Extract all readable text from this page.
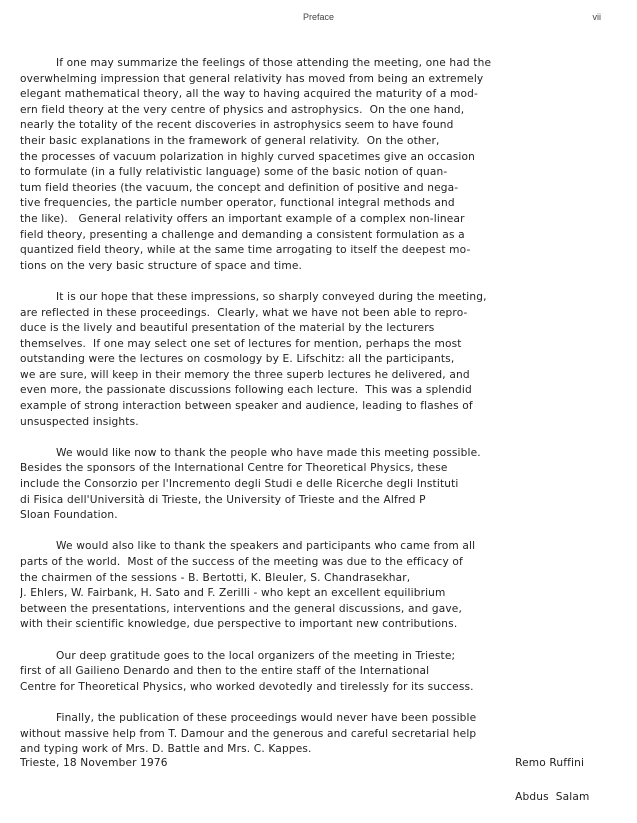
Preface	vii
If one may summarize the feelings of those attending the meeting, one had the
overwhelming impression that general relativity has moved from being an extremely
elegant mathematical theory, all the way to having acquired the maturity of a mod-
ern field theory at the very centre of physics and astrophysics.  On the one hand,
nearly the totality of the recent discoveries in astrophysics seem to have found
their basic explanations in the framework of general relativity.  On the other,
the processes of vacuum polarization in highly curved spacetimes give an occasion
to formulate (in a fully relativistic language) some of the basic notion of quan-
tum field theories (the vacuum, the concept and definition of positive and nega-
tive frequencies, the particle number operator, functional integral methods and
the like).   General relativity offers an important example of a complex non-linear
field theory, presenting a challenge and demanding a consistent formulation as a
quantized field theory, while at the same time arrogating to itself the deepest mo-
tions on the very basic structure of space and time.
It is our hope that these impressions, so sharply conveyed during the meeting,
are reflected in these proceedings.  Clearly, what we have not been able to repro-
duce is the lively and beautiful presentation of the material by the lecturers
themselves.  If one may select one set of lectures for mention, perhaps the most
outstanding were the lectures on cosmology by E. Lifschitz: all the participants,
we are sure, will keep in their memory the three superb lectures he delivered, and
even more, the passionate discussions following each lecture.  This was a splendid
example of strong interaction between speaker and audience, leading to flashes of
unsuspected insights.
We would like now to thank the people who have made this meeting possible.
Besides the sponsors of the International Centre for Theoretical Physics, these
include the Consorzio per l'Incremento degli Studi e delle Ricerche degli Instituti
di Fisica dell'Università di Trieste, the University of Trieste and the Alfred P
Sloan Foundation.
We would also like to thank the speakers and participants who came from all
parts of the world.  Most of the success of the meeting was due to the efficacy of
the chairmen of the sessions - B. Bertotti, K. Bleuler, S. Chandrasekhar,
J. Ehlers, W. Fairbank, H. Sato and F. Zerilli - who kept an excellent equilibrium
between the presentations, interventions and the general discussions, and gave,
with their scientific knowledge, due perspective to important new contributions.
Our deep gratitude goes to the local organizers of the meeting in Trieste;
first of all Gailieno Denardo and then to the entire staff of the International
Centre for Theoretical Physics, who worked devotedly and tirelessly for its success.
Finally, the publication of these proceedings would never have been possible
without massive help from T. Damour and the generous and careful secretarial help
and typing work of Mrs. D. Battle and Mrs. C. Kappes.
Trieste, 18 November 1976	Remo Ruffini

Abdus  Salam
